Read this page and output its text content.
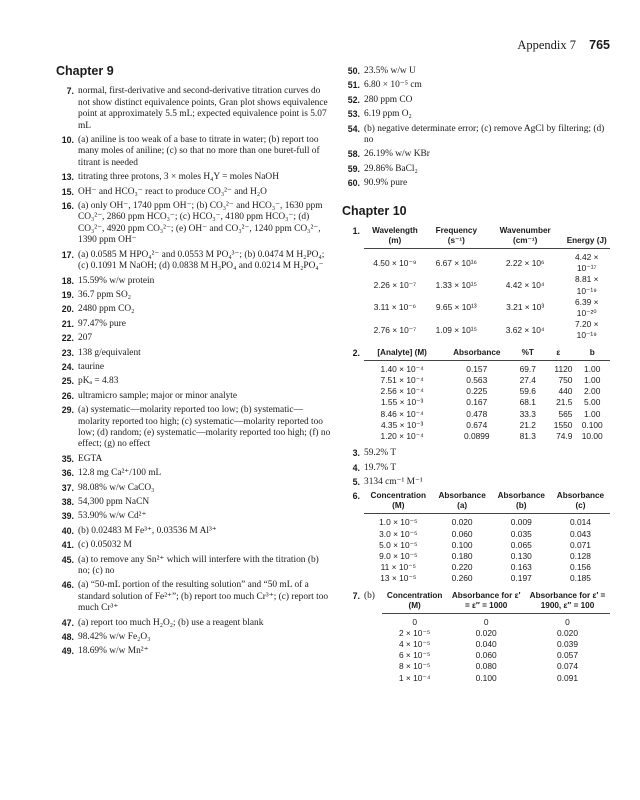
Appendix 7 765
Chapter 9
7. normal, first-derivative and second-derivative titration curves do not show distinct equivalence points, Gran plot shows equivalence point at approximately 5.5 mL; expected equivalence point is 5.07 mL
10. (a) aniline is too weak of a base to titrate in water; (b) report too many moles of aniline; (c) so that no more than one buret-full of titrant is needed
13. titrating three protons, 3 × moles H₄Y = moles NaOH
15. OH⁻ and HCO₃⁻ react to produce CO₃²⁻ and H₂O
16. (a) only OH⁻, 1740 ppm OH⁻; (b) CO₃²⁻ and HCO₃⁻, 1630 ppm CO₃²⁻, 2860 ppm HCO₃⁻; (c) HCO₃⁻, 4180 ppm HCO₃⁻; (d) CO₃²⁻, 4920 ppm CO₃²⁻; (e) OH⁻ and CO₃²⁻, 1240 ppm CO₃²⁻, 1390 ppm OH⁻
17. (a) 0.0585 M HPO₄²⁻ and 0.0553 M PO₄³⁻; (b) 0.0474 M H₂PO₄; (c) 0.1091 M NaOH; (d) 0.0838 M H₃PO₄ and 0.0214 M H₂PO₄⁻
18. 15.59% w/w protein
19. 36.7 ppm SO₂
20. 2480 ppm CO₂
21. 97.47% pure
22. 207
23. 138 g/equivalent
24. taurine
25. pKₐ = 4.83
26. ultramicro sample; major or minor analyte
29. (a) systematic—molarity reported too low; (b) systematic—molarity reported too high; (c) systematic—molarity reported too low; (d) random; (e) systematic—molarity reported too high; (f) no effect; (g) no effect
35. EGTA
36. 12.8 mg Ca²⁺/100 mL
37. 98.08% w/w CaCO₃
38. 54,300 ppm NaCN
39. 53.90% w/w Cd²⁺
40. (b) 0.02483 M Fe³⁺, 0.03536 M Al³⁺
41. (c) 0.05032 M
45. (a) to remove any Sn²⁺ which will interfere with the titration (b) no; (c) no
46. (a) “50-mL portion of the resulting solution” and “50 mL of a standard solution of Fe²⁺”; (b) report too much Cr³⁺; (c) report too much Cr³⁺
47. (a) report too much H₂O₂; (b) use a reagent blank
48. 98.42% w/w Fe₂O₃
49. 18.69% w/w Mn²⁺
50. 23.5% w/w U
51. 6.80 × 10⁻⁵ cm
52. 280 ppm CO
53. 6.19 ppm O₂
54. (b) negative determinate error; (c) remove AgCl by filtering; (d) no
58. 26.19% w/w KBr
59. 29.86% BaCl₂
60. 90.9% pure
Chapter 10
1. Wavelength (m)	Frequency (s⁻¹)	Wavenumber (cm⁻¹)	Energy (J)
4.50 × 10⁻⁹	6.67 × 10¹⁶	2.22 × 10⁶	4.42 × 10⁻¹⁷
2.26 × 10⁻⁷	1.33 × 10¹⁵	4.42 × 10⁴	8.81 × 10⁻¹⁹
3.11 × 10⁻⁶	9.65 × 10¹³	3.21 × 10³	6.39 × 10⁻²⁰
2.76 × 10⁻⁷	1.09 × 10¹⁵	3.62 × 10⁴	7.20 × 10⁻¹⁹
2. [Analyte] (M)	Absorbance	%T	ε	b
1.40 × 10⁻⁴	0.157	69.7	1120	1.00
7.51 × 10⁻⁴	0.563	27.4	750	1.00
2.56 × 10⁻⁴	0.225	59.6	440	2.00
1.55 × 10⁻³	0.167	68.1	21.5	5.00
8.46 × 10⁻⁴	0.478	33.3	565	1.00
4.35 × 10⁻³	0.674	21.2	1550	0.100
1.20 × 10⁻⁴	0.0899	81.3	74.9	10.00
3. 59.2% T
4. 19.7% T
5. 3134 cm⁻¹ M⁻¹
6. Concentration (M)	Absorbance (a)	Absorbance (b)	Absorbance (c)
1.0 × 10⁻⁵	0.020	0.009	0.014
3.0 × 10⁻⁵	0.060	0.035	0.043
5.0 × 10⁻⁵	0.100	0.065	0.071
9.0 × 10⁻⁵	0.180	0.130	0.128
11 × 10⁻⁵	0.220	0.163	0.156
13 × 10⁻⁵	0.260	0.197	0.185
7. (b) Concentration (M)	Absorbance for ε′ = ε″ = 1000	Absorbance for ε′ = 1900, ε″ = 100
0	0	0
2 × 10⁻⁵	0.020	0.020
4 × 10⁻⁵	0.040	0.039
6 × 10⁻⁵	0.060	0.057
8 × 10⁻⁵	0.080	0.074
1 × 10⁻⁴	0.100	0.091
